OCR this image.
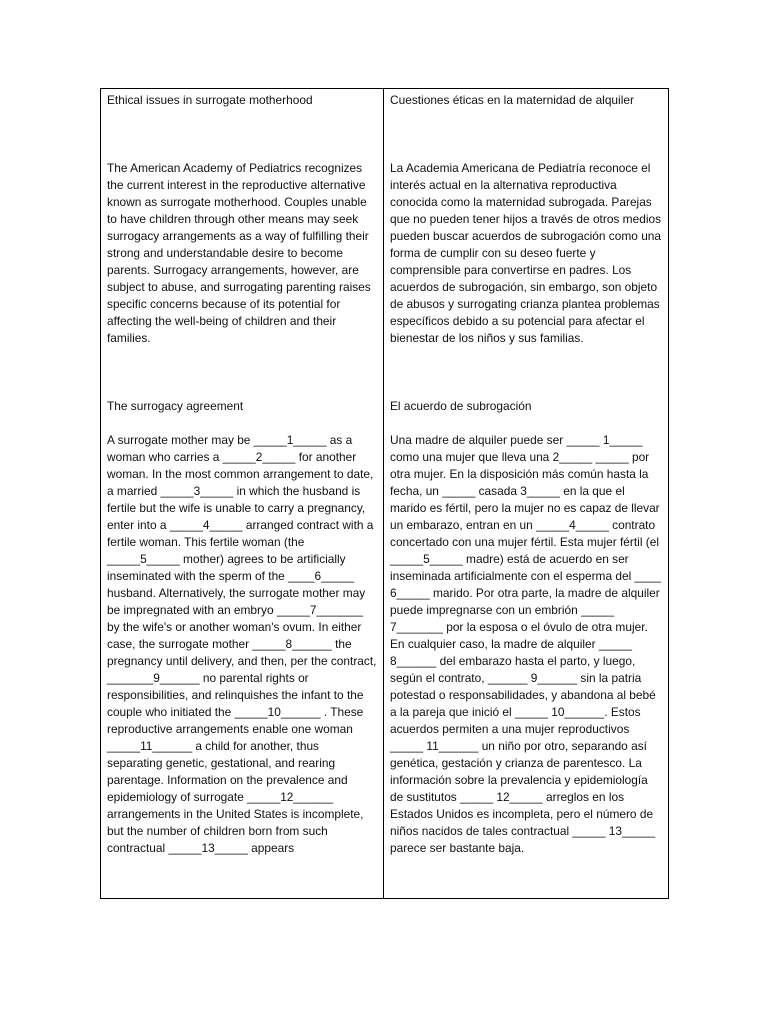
Ethical issues in surrogate motherhood

The American Academy of Pediatrics recognizes the current interest in the reproductive alternative known as surrogate motherhood. Couples unable to have children through other means may seek surrogacy arrangements as a way of fulfilling their strong and understandable desire to become parents. Surrogacy arrangements, however, are subject to abuse, and surrogating parenting raises specific concerns because of its potential for affecting the well-being of children and their families.

The surrogacy agreement

A surrogate mother may be _____1_____ as a woman who carries a _____2_____ for another woman. In the most common arrangement to date, a married _____3_____ in which the husband is fertile but the wife is unable to carry a pregnancy, enter into a _____4_____ arranged contract with a fertile woman. This fertile woman (the _____5_____ mother) agrees to be artificially inseminated with the sperm of the ____6_____ husband. Alternatively, the surrogate mother may be impregnated with an embryo _____7_______ by the wife's or another woman's ovum. In either case, the surrogate mother _____8______ the pregnancy until delivery, and then, per the contract, _______9______ no parental rights or responsibilities, and relinquishes the infant to the couple who initiated the _____10______ . These reproductive arrangements enable one woman _____11______ a child for another, thus separating genetic, gestational, and rearing parentage. Information on the prevalence and epidemiology of surrogate _____12______ arrangements in the United States is incomplete, but the number of children born from such contractual _____13_____ appears

Cuestiones éticas en la maternidad de alquiler

La Academia Americana de Pediatría reconoce el interés actual en la alternativa reproductiva conocida como la maternidad subrogada. Parejas que no pueden tener hijos a través de otros medios pueden buscar acuerdos de subrogación como una forma de cumplir con su deseo fuerte y comprensible para convertirse en padres. Los acuerdos de subrogación, sin embargo, son objeto de abusos y surrogating crianza plantea problemas específicos debido a su potencial para afectar el bienestar de los niños y sus familias.

El acuerdo de subrogación

Una madre de alquiler puede ser _____ 1_____ como una mujer que lleva una 2_____ _____ por otra mujer. En la disposición más común hasta la fecha, un _____ casada 3_____ en la que el marido es fértil, pero la mujer no es capaz de llevar un embarazo, entran en un _____4_____ contrato concertado con una mujer fértil. Esta mujer fértil (el _____5_____ madre) está de acuerdo en ser inseminada artificialmente con el esperma del ____ 6_____ marido. Por otra parte, la madre de alquiler puede impregnarse con un embrión _____ 7_______ por la esposa o el óvulo de otra mujer. En cualquier caso, la madre de alquiler _____ 8______ del embarazo hasta el parto, y luego, según el contrato, ______ 9______ sin la patria potestad o responsabilidades, y abandona al bebé a la pareja que inició el _____ 10______. Estos acuerdos permiten a una mujer reproductivos _____ 11______ un niño por otro, separando así genética, gestación y crianza de parentesco. La información sobre la prevalencia y epidemiología de sustitutos _____ 12_____ arreglos en los Estados Unidos es incompleta, pero el número de niños nacidos de tales contractual _____ 13_____ parece ser bastante baja.
